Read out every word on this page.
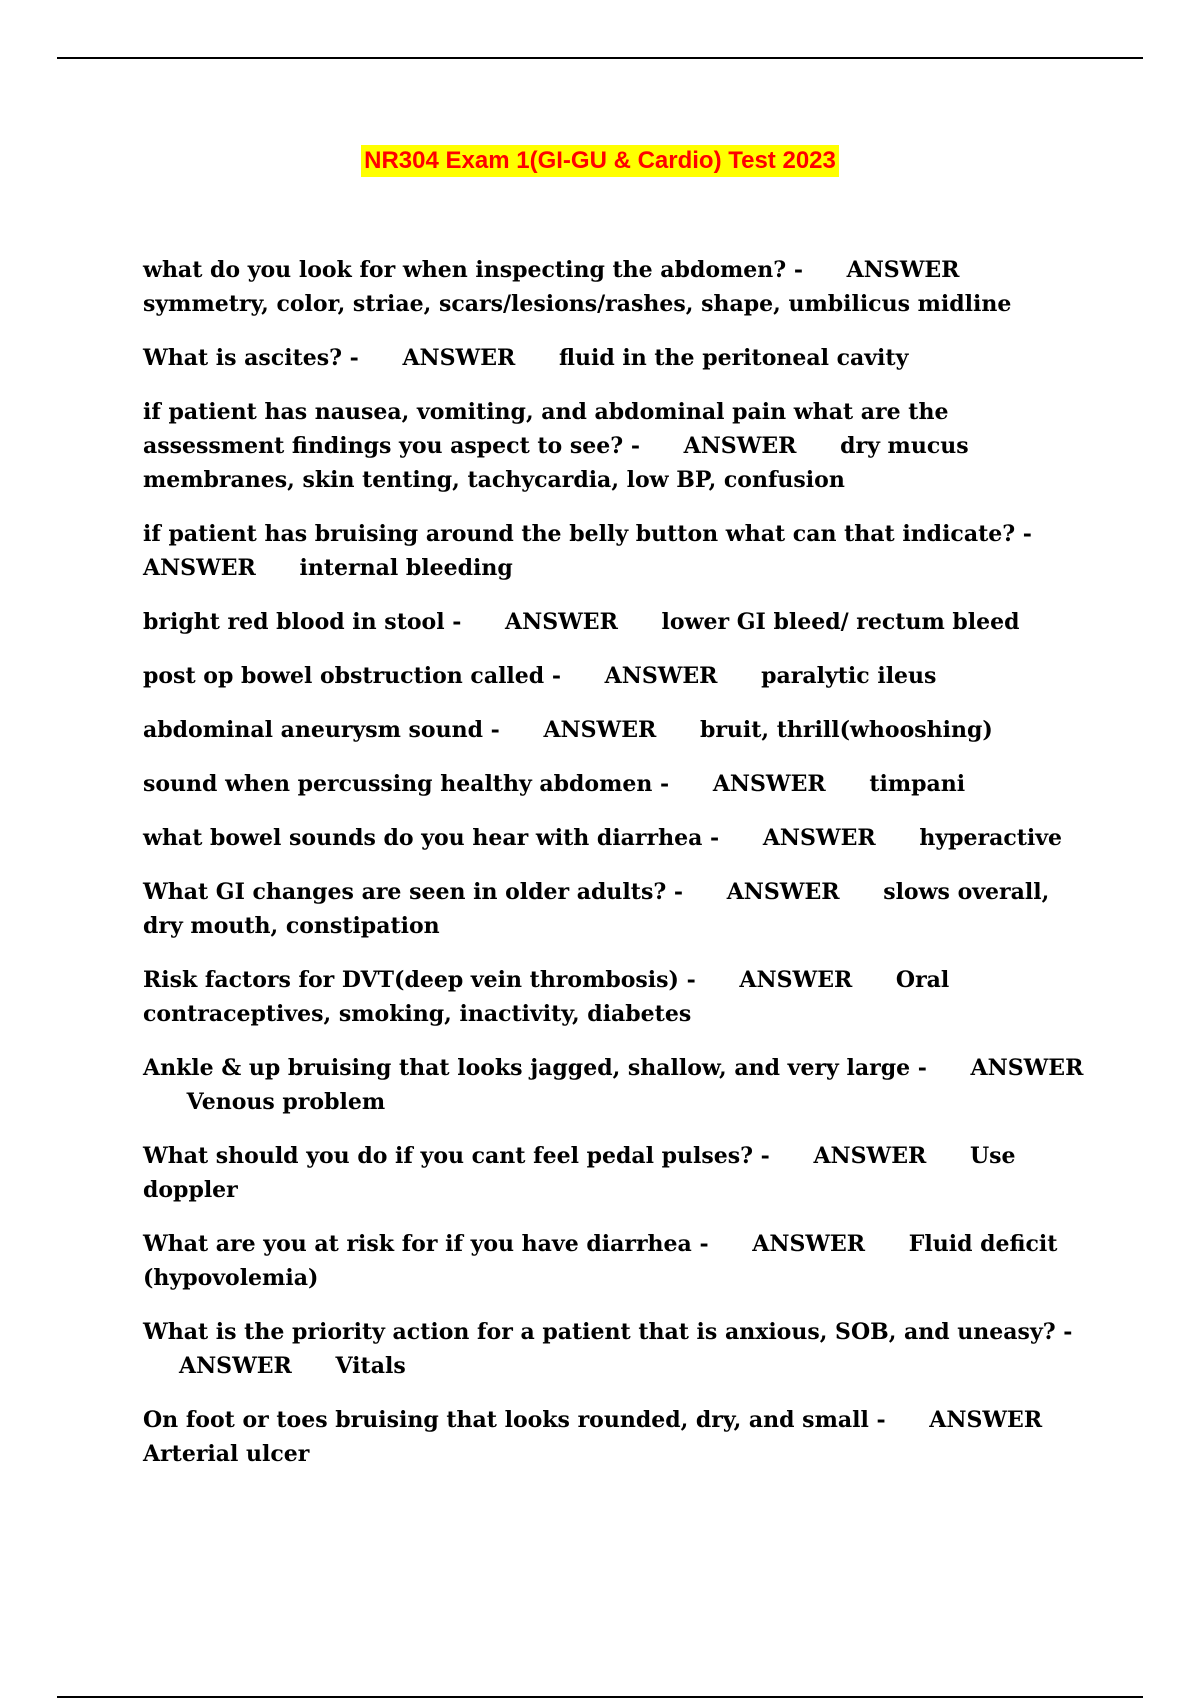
NR304 Exam 1(GI-GU & Cardio) Test 2023
what do you look for when inspecting the abdomen? - ANSWER symmetry, color, striae, scars/lesions/rashes, shape, umbilicus midline
What is ascites? - ANSWER fluid in the peritoneal cavity
if patient has nausea, vomiting, and abdominal pain what are the assessment findings you aspect to see? - ANSWER dry mucus membranes, skin tenting, tachycardia, low BP, confusion
if patient has bruising around the belly button what can that indicate? - ANSWER internal bleeding
bright red blood in stool - ANSWER lower GI bleed/ rectum bleed
post op bowel obstruction called - ANSWER paralytic ileus
abdominal aneurysm sound - ANSWER bruit, thrill(whooshing)
sound when percussing healthy abdomen - ANSWER timpani
what bowel sounds do you hear with diarrhea - ANSWER hyperactive
What GI changes are seen in older adults? - ANSWER slows overall, dry mouth, constipation
Risk factors for DVT(deep vein thrombosis) - ANSWER Oral contraceptives, smoking, inactivity, diabetes
Ankle & up bruising that looks jagged, shallow, and very large - ANSWER Venous problem
What should you do if you cant feel pedal pulses? - ANSWER Use doppler
What are you at risk for if you have diarrhea - ANSWER Fluid deficit (hypovolemia)
What is the priority action for a patient that is anxious, SOB, and uneasy? - ANSWER Vitals
On foot or toes bruising that looks rounded, dry, and small - ANSWER Arterial ulcer
